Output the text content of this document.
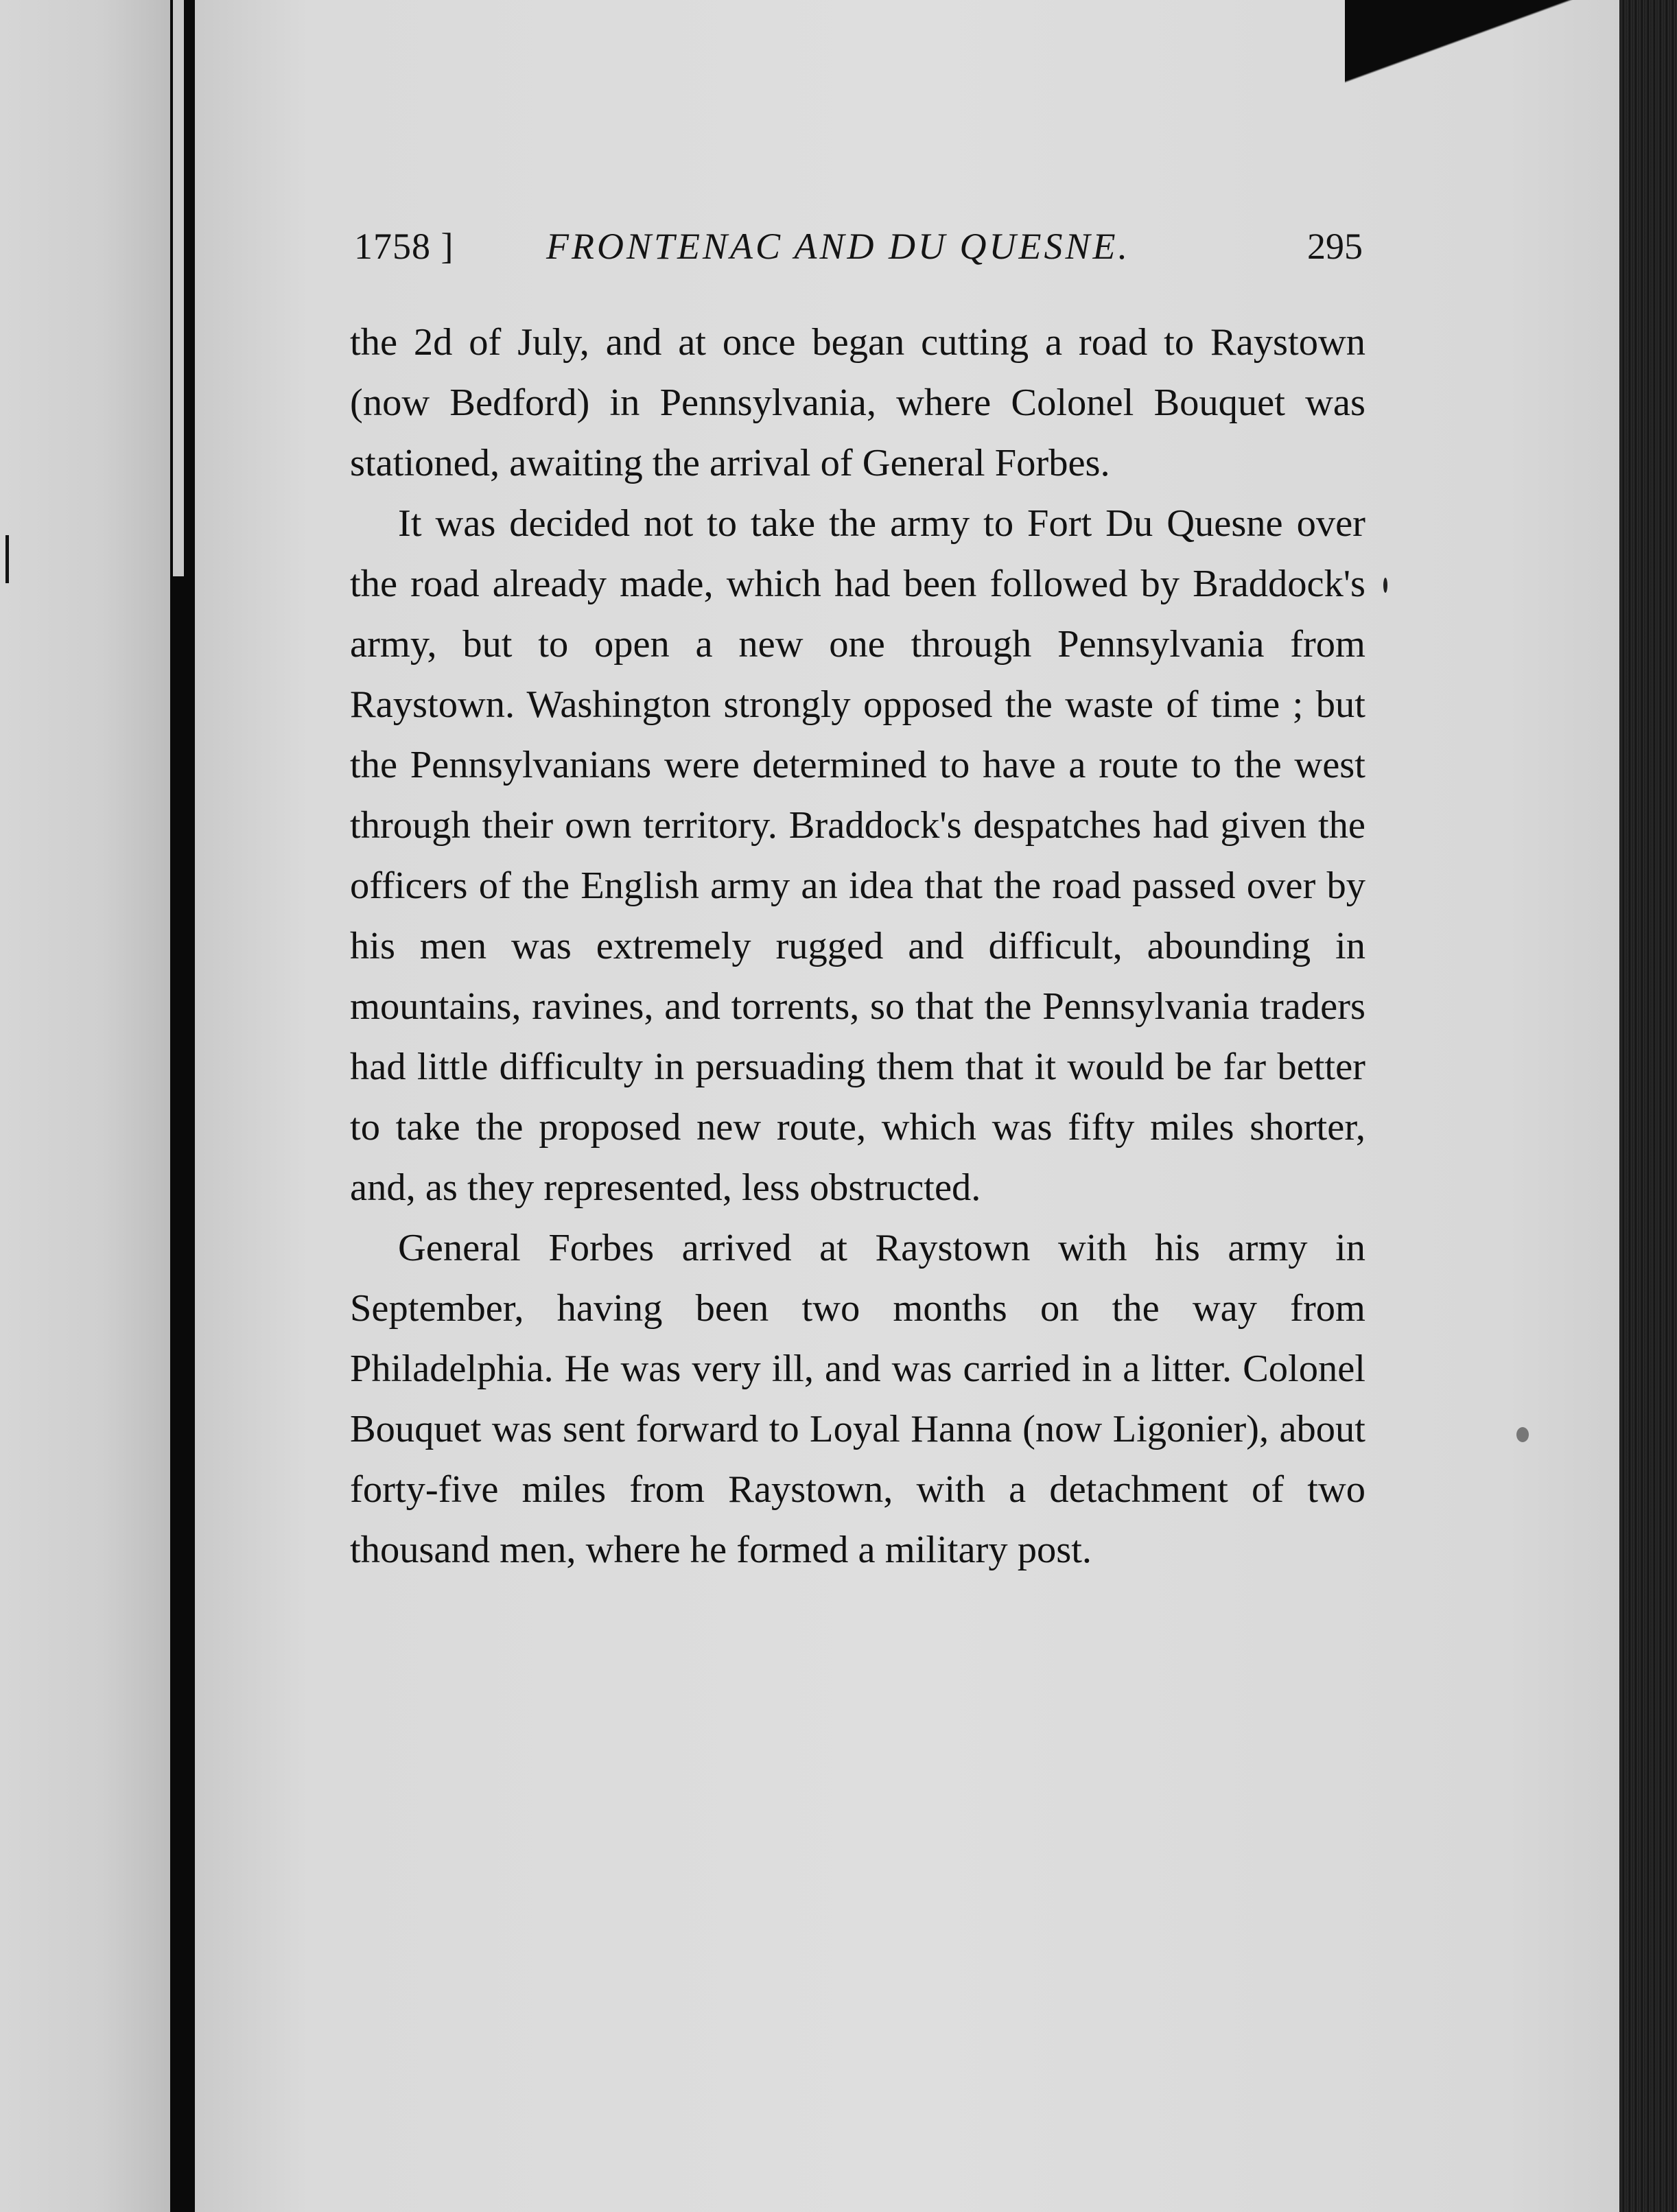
1758 ] FRONTENAC AND DU QUESNE.	295

the 2d of July, and at once began cutting a road to Raystown (now Bedford) in Pennsylvania, where Colonel Bouquet was stationed, awaiting the arrival of General Forbes.

It was decided not to take the army to Fort Du Quesne over the road already made, which had been followed by Braddock's army, but to open a new one through Pennsylvania from Raystown. Washington strongly opposed the waste of time ; but the Pennsylvanians were determined to have a route to the west through their own territory. Braddock's despatches had given the officers of the English army an idea that the road passed over by his men was extremely rugged and difficult, abounding in mountains, ravines, and torrents, so that the Pennsylvania traders had little difficulty in persuading them that it would be far better to take the proposed new route, which was fifty miles shorter, and, as they represented, less obstructed.

General Forbes arrived at Raystown with his army in September, having been two months on the way from Philadelphia. He was very ill, and was carried in a litter. Colonel Bouquet was sent forward to Loyal Hanna (now Ligonier), about forty-five miles from Raystown, with a detachment of two thousand men, where he formed a military post.
